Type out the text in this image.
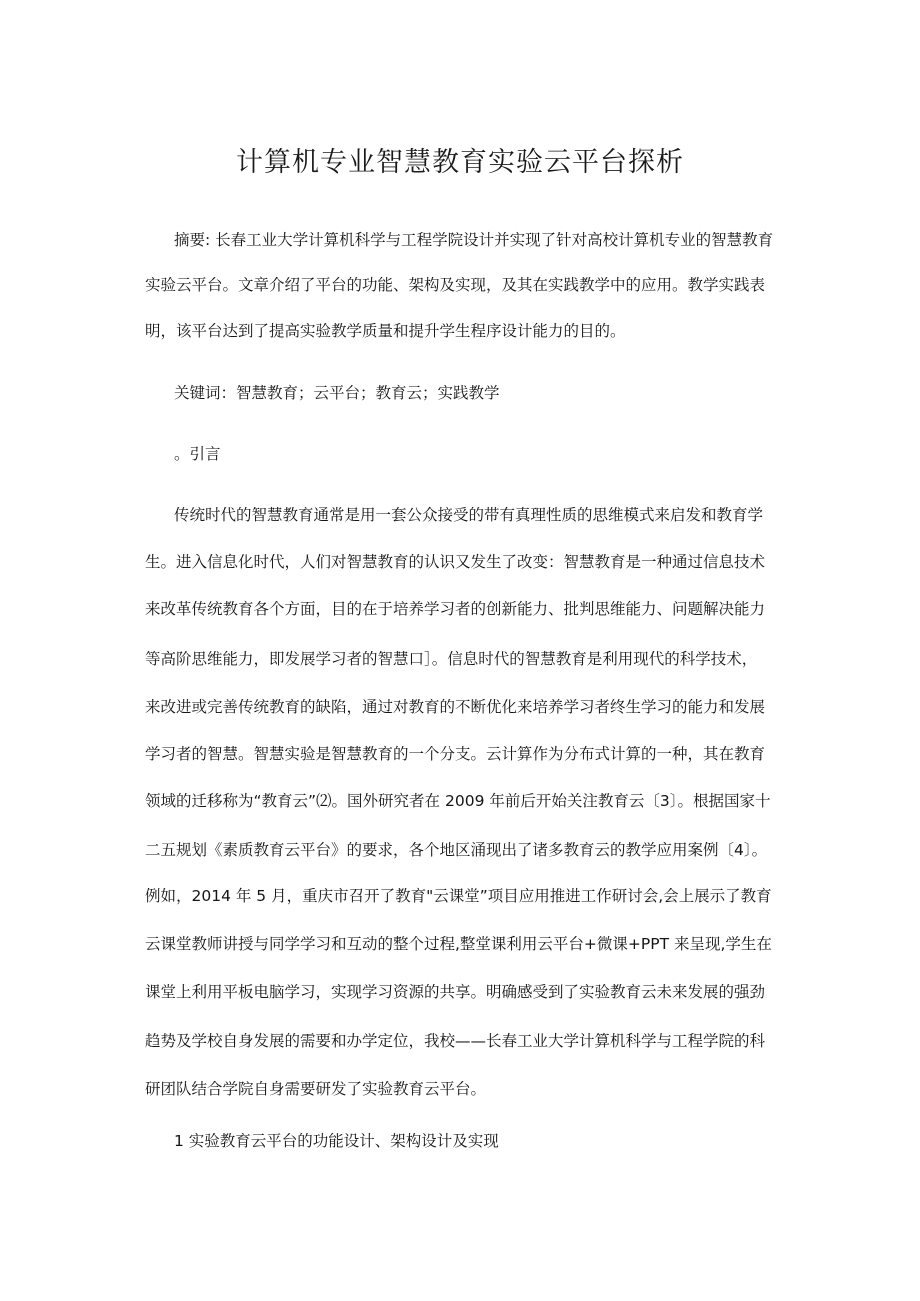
计算机专业智慧教育实验云平台探析
摘要: 长春工业大学计算机科学与工程学院设计并实现了针对高校计算机专业的智慧教育
实验云平台。文章介绍了平台的功能、架构及实现，及其在实践教学中的应用。教学实践表
明，该平台达到了提高实验教学质量和提升学生程序设计能力的目的。
关键词：智慧教育；云平台；教育云；实践教学
。引言
传统时代的智慧教育通常是用一套公众接受的带有真理性质的思维模式来启发和教育学
生。进入信息化时代，人们对智慧教育的认识又发生了改变：智慧教育是一种通过信息技术
来改革传统教育各个方面，目的在于培养学习者的创新能力、批判思维能力、问题解决能力
等高阶思维能力，即发展学习者的智慧口］。信息时代的智慧教育是利用现代的科学技术，
来改进或完善传统教育的缺陷，通过对教育的不断优化来培养学习者终生学习的能力和发展
学习者的智慧。智慧实验是智慧教育的一个分支。云计算作为分布式计算的一种，其在教育
领域的迁移称为“教育云”⑵。国外研究者在 2009 年前后开始关注教育云〔3〕。根据国家十
二五规划《素质教育云平台》的要求，各个地区涌现出了诸多教育云的教学应用案例〔4〕。
例如，2014 年 5 月，重庆市召开了教育"云课堂”项目应用推进工作研讨会,会上展示了教育
云课堂教师讲授与同学学习和互动的整个过程,整堂课利用云平台+微课+PPT 来呈现,学生在
课堂上利用平板电脑学习，实现学习资源的共享。明确感受到了实验教育云未来发展的强劲
趋势及学校自身发展的需要和办学定位，我校——长春工业大学计算机科学与工程学院的科
研团队结合学院自身需要研发了实验教育云平台。
1 实验教育云平台的功能设计、架构设计及实现
